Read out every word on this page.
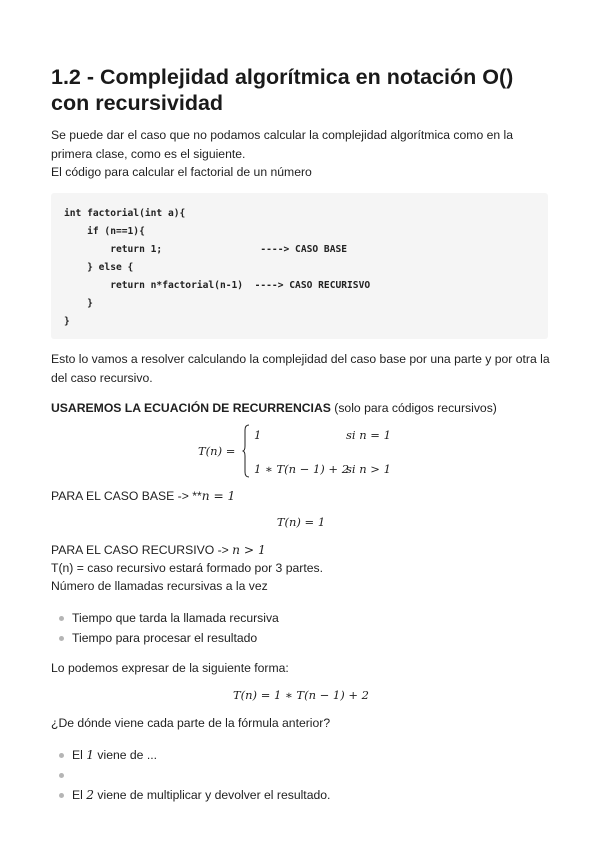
1.2 - Complejidad algorítmica en notación O() con recursividad

Se puede dar el caso que no podamos calcular la complejidad algorítmica como en la primera clase, como es el siguiente.

El código para calcular el factorial de un número

int factorial(int a){
if (n==1){
return 1;                 ----> CASO BASE
} else {
return n*factorial(n-1)  ----> CASO RECURISVO
}
}

Esto lo vamos a resolver calculando la complejidad del caso base por una parte y por otra la del caso recursivo.

USAREMOS LA ECUACIÓN DE RECURRENCIAS (solo para códigos recursivos)

T(n) =
1	si n = 1
1 ∗ T(n − 1) + 2
si n > 1

PARA EL CASO BASE -> **n = 1

T(n) = 1

PARA EL CASO RECURSIVO -> n > 1

T(n) = caso recursivo estará formado por 3 partes.

Número de llamadas recursivas a la vez

Tiempo que tarda la llamada recursiva
Tiempo para procesar el resultado

Lo podemos expresar de la siguiente forma:

T(n) = 1 ∗ T(n − 1) + 2

¿De dónde viene cada parte de la fórmula anterior?

El 1 viene de ...
El 2 viene de multiplicar y devolver el resultado.
